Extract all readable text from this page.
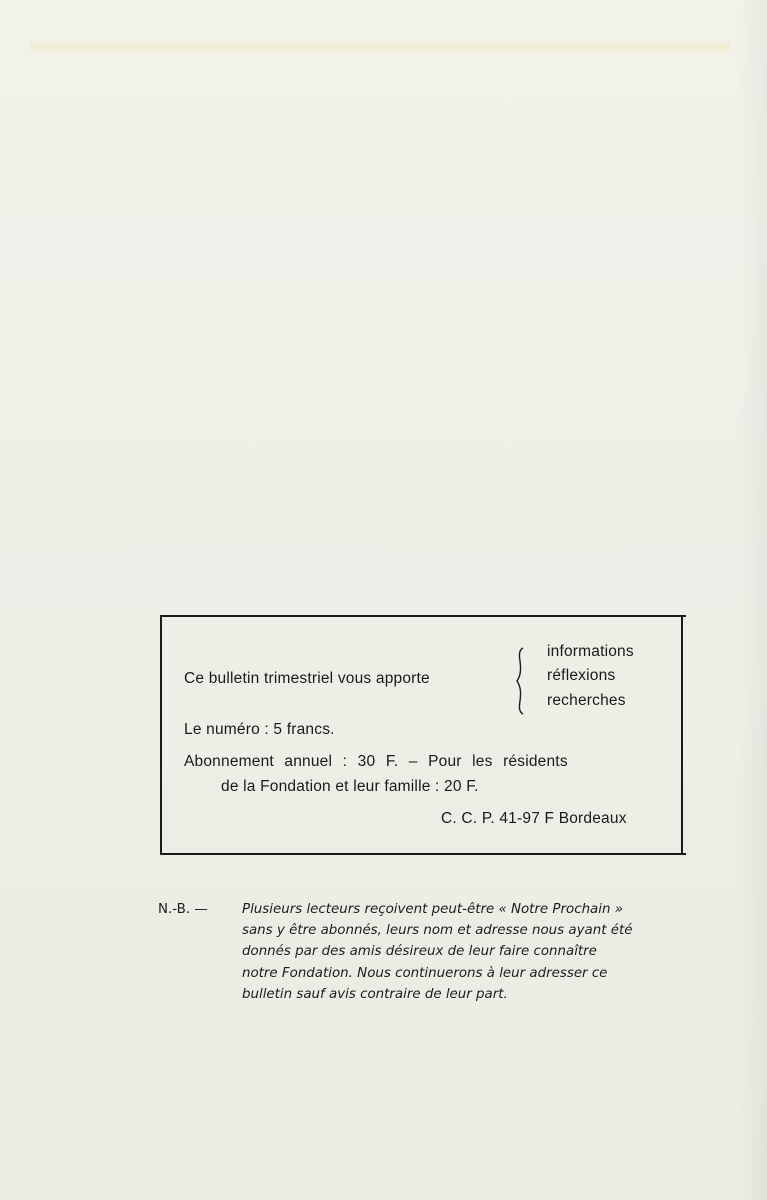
Ce bulletin trimestriel vous apporte
informations
réflexions
recherches
Le numéro : 5 francs.
Abonnement annuel : 30 F. – Pour les résidents
de la Fondation et leur famille : 20 F.
C. C. P. 41-97 F Bordeaux
N.-B. —	Plusieurs lecteurs reçoivent peut-être « Notre Prochain »
sans y être abonnés, leurs nom et adresse nous ayant été
donnés par des amis désireux de leur faire connaître
notre Fondation. Nous continuerons à leur adresser ce
bulletin sauf avis contraire de leur part.
